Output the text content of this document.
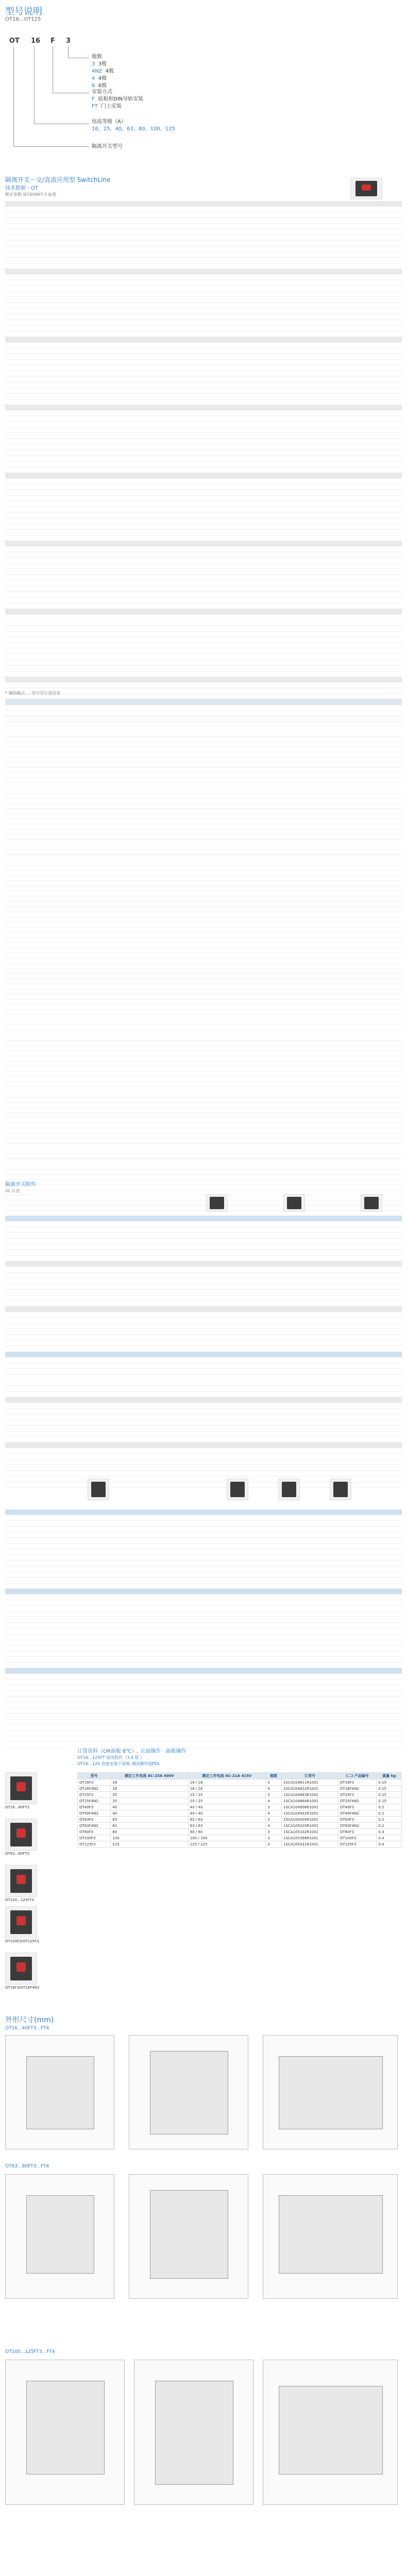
型号说明
OT16...OT125
OT 16 F 3
极数
3 3极
4N2 4极
4 4极
6 6极
安装方式
F 底板和DIN导轨安装
FT 门上安装
电流等级（A）
16，25，40，63，80，100，125
隔离开关型号
隔离开关－交/直流应用型 SwitchLine
技术数据 - OT
额定参数 IEC60947-3 标准
* 辅助触点 ... 型号见订货信息
隔离开关附件
UL 认证
订货资料（OR面板·8℃）, 正面操作 · 面板操作
OT16...125FT 适用组件（3,4 组 ）
OT16...125 直接安装于面板 测试操作面PDL
OT16...80FT3
OT63...80FT3
OT100...125FT3
OT100F3/OT125F3
OT16F3/OT16F4N2
型号	额定工作电流 AC-23A 400V	额定工作电流 AC-21A 415V	极数	订货号	(二) 产品编号	重量 kg
OT16F3	16	16 / 16	3	1SCA104811R1001	OT16F3	0.15
OT16F4N2	16	16 / 16	4	1SCA104822R1001	OT16F4N2	0.15
OT25F3	25	25 / 25	3	1SCA104863R1001	OT25F3	0.15
OT25F4N2	25	25 / 25	4	1SCA104864R1001	OT25F4N2	0.15
OT40F3	40	40 / 40	3	1SCA104906R1001	OT40F3	0.2
OT40F4N2	40	40 / 40	4	1SCA104932R1001	OT40F4N2	0.2
OT63F3	63	63 / 63	3	1SCA105004R1001	OT63F3	0.2
OT63F4N2	63	63 / 63	4	1SCA105020R1001	OT63F4N2	0.2
OT80F3	80	80 / 80	3	1SCA105332R1001	OT80F3	0.4
OT100F3	100	100 / 100	3	1SCA105398R1001	OT100F3	0.4
OT125F3	125	125 / 125	3	1SCA105431R1001	OT125F3	0.4
外形尺寸(mm)
OT16...40FT3...FT4
OT63...80FT3...FT4
OT100...125FT3...FT4
